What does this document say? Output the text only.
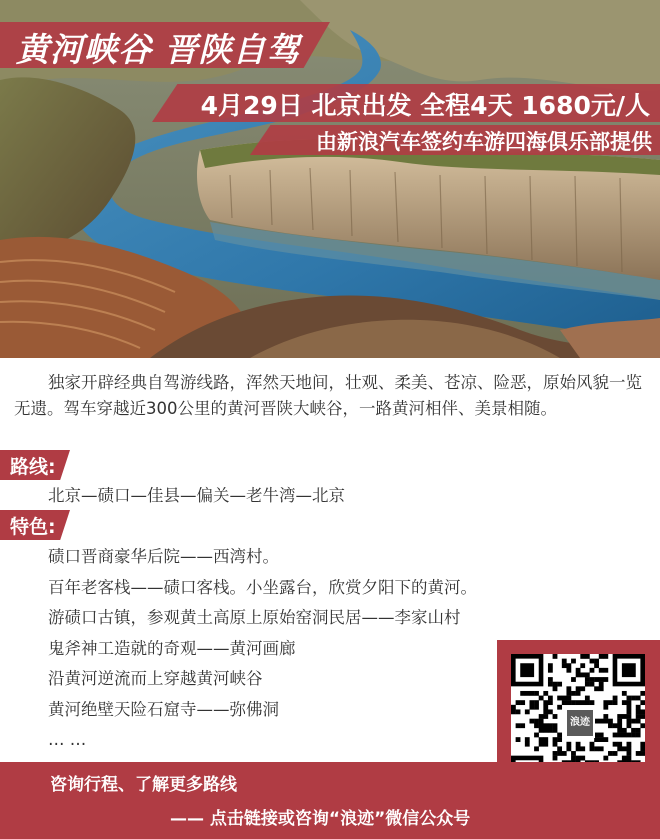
黄河峡谷 晋陕自驾
4月29日 北京出发 全程4天 1680元/人
由新浪汽车签约车游四海俱乐部提供
独家开辟经典自驾游线路，浑然天地间，壮观、柔美、苍凉、险恶，原始风貌一览无遗。驾车穿越近300公里的黄河晋陕大峡谷，一路黄河相伴、美景相随。
路线:
北京—碛口—佳县—偏关—老牛湾—北京
特色:
碛口晋商豪华后院——西湾村。
百年老客栈——碛口客栈。小坐露台，欣赏夕阳下的黄河。
游碛口古镇，参观黄土高原上原始窑洞民居——李家山村
鬼斧神工造就的奇观——黄河画廊
沿黄河逆流而上穿越黄河峡谷
黄河绝壁天险石窟寺——弥佛洞
… …
浪迹
咨询行程、了解更多路线
—— 点击链接或咨询“浪迹”微信公众号
